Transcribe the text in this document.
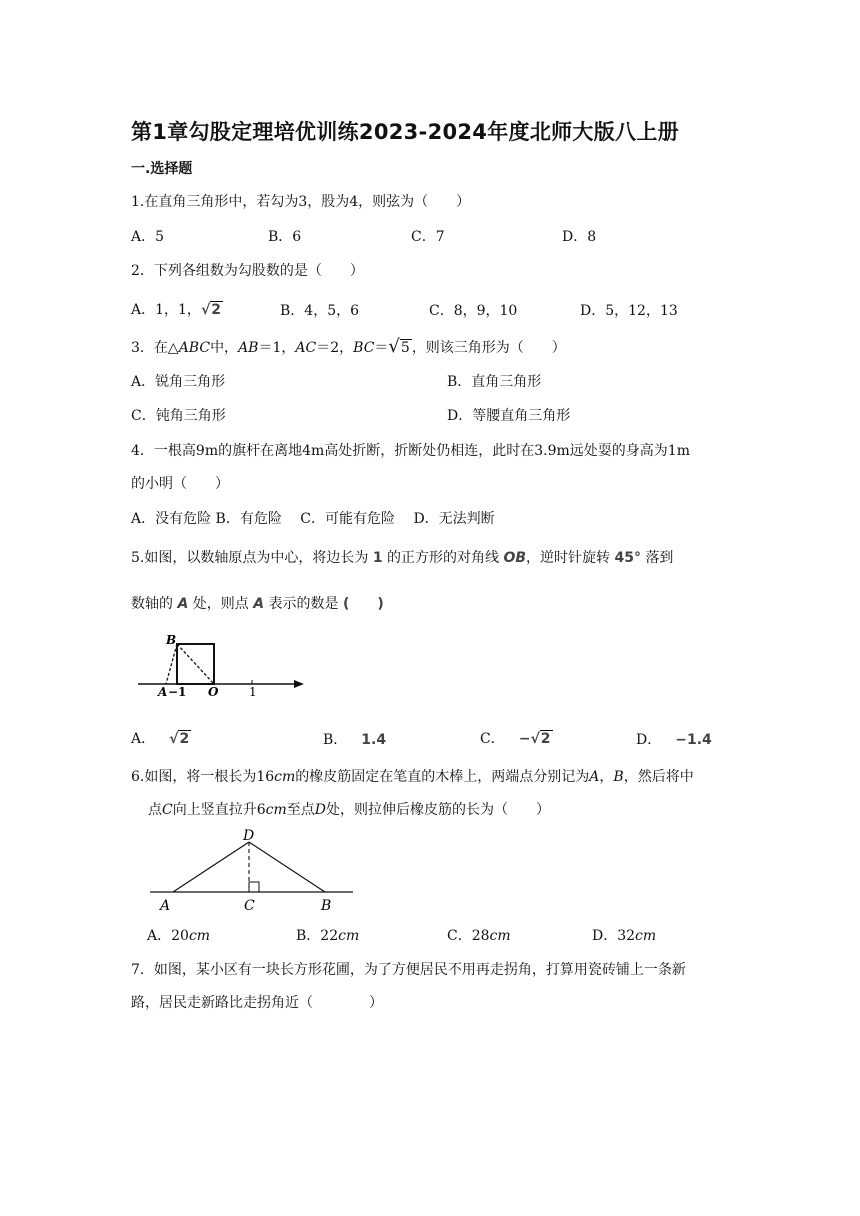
第1章勾股定理培优训练2023-2024年度北师大版八上册
一.选择题
1.在直角三角形中，若勾为3，股为4，则弦为（　　）
A．5	B．6	C．7	D．8
2．下列各组数为勾股数的是（　　）
A．1，1，√2	B．4，5，6	C．8，9，10	D．5，12，13
3．在△ABC中，AB＝1，AC＝2，BC＝√5 ，则该三角形为（　　）
A．锐角三角形	B．直角三角形
C．钝角三角形	D．等腰直角三角形
4．一根高9m的旗杆在离地4m高处折断，折断处仍相连，此时在3.9m远处耍的身高为1m
的小明（　　）
A．没有危险 B．有危险　 C．可能有危险　 D．无法判断
5.如图，以数轴原点为中心，将边长为 1 的正方形的对角线 OB，逆时针旋转 45° 落到
数轴的 A 处，则点 A 表示的数是 (　　)
B
A −1 O	1
A． √2	B． 1.4	C． −√2	D． −1.4
6.如图，将一根长为16cm的橡皮筋固定在笔直的木棒上，两端点分别记为A，B，然后将中
点C向上竖直拉升6cm至点D处，则拉伸后橡皮筋的长为（　　）
D
A	C	B
A．20cm	B．22cm	C．28cm	D．32cm
7．如图，某小区有一块长方形花圃，为了方便居民不用再走拐角，打算用瓷砖铺上一条新
路，居民走新路比走拐角近（　　　　）
